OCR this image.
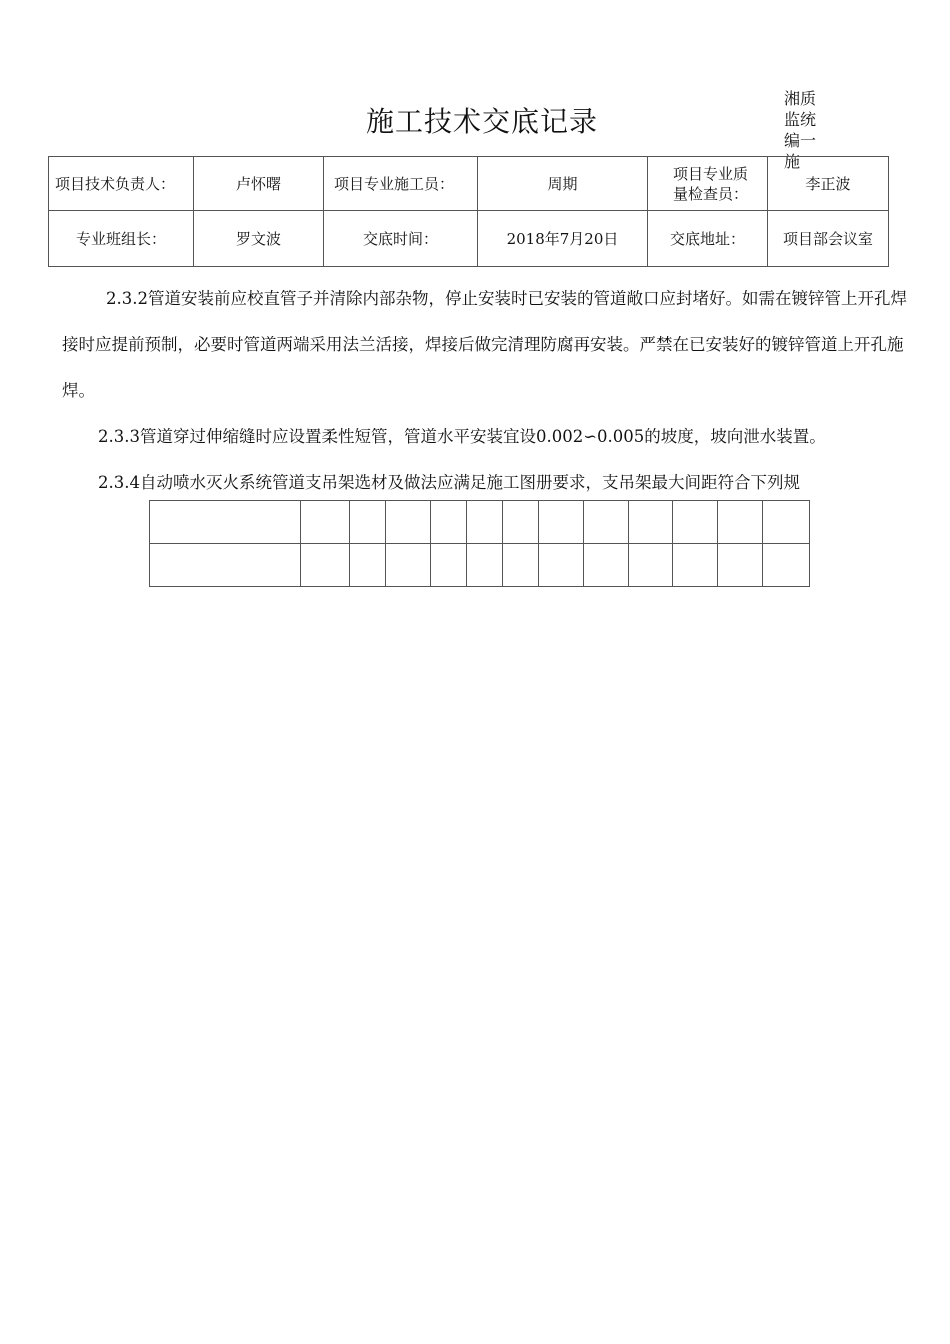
施工技术交底记录
湘质监统编一施
项目技术负责人：	卢怀曙	项目专业施工员：	周期	项目专业质量检查员：	李正波
专业班组长：	罗文波	交底时间：	2018年7月20日	交底地址：	项目部会议室

2.3.2管道安装前应校直管子并清除内部杂物，停止安装时已安装的管道敞口应封堵好。如需在镀锌管上开孔焊接时应提前预制，必要时管道两端采用法兰活接，焊接后做完清理防腐再安装。严禁在已安装好的镀锌管道上开孔施焊。

2.3.3管道穿过伸缩缝时应设置柔性短管，管道水平安装宜设0.002∽0.005的坡度，坡向泄水装置。

2.3.4自动喷水灭火系统管道支吊架选材及做法应满足施工图册要求，支吊架最大间距符合下列规
